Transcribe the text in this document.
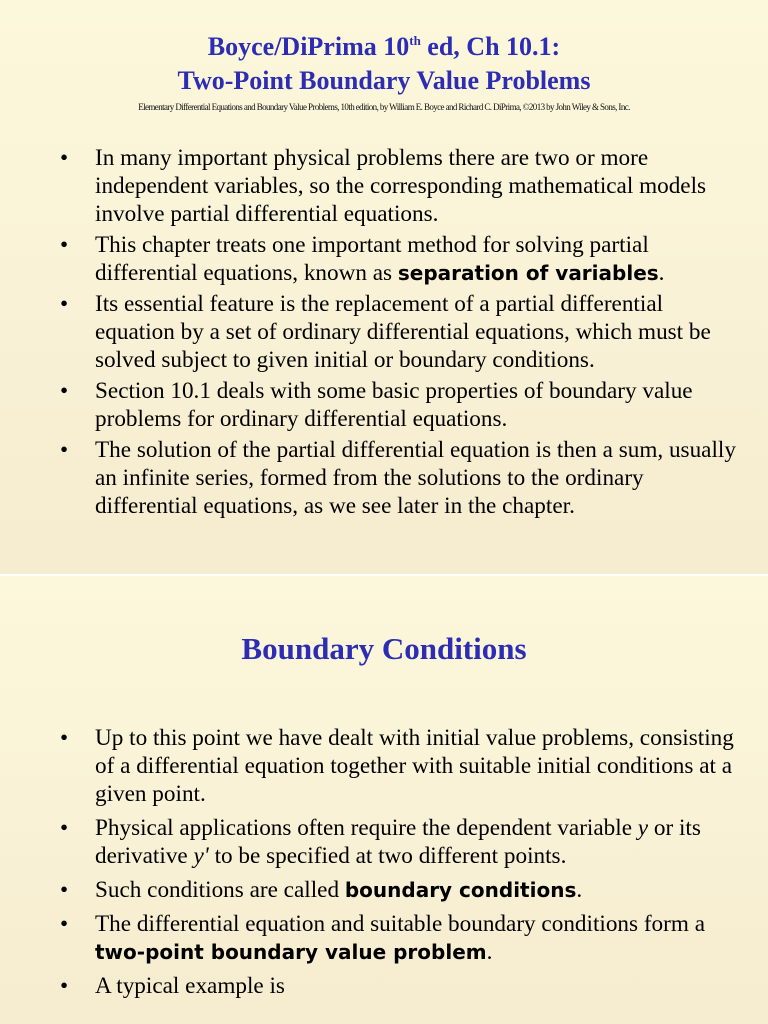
Boyce/DiPrima 10th ed, Ch 10.1:
Two-Point Boundary Value Problems
Elementary Differential Equations and Boundary Value Problems, 10th edition, by William E. Boyce and Richard C. DiPrima, ©2013 by John Wiley & Sons, Inc.
• In many important physical problems there are two or more independent variables, so the corresponding mathematical models involve partial differential equations.
• This chapter treats one important method for solving partial differential equations, known as separation of variables.
• Its essential feature is the replacement of a partial differential equation by a set of ordinary differential equations, which must be solved subject to given initial or boundary conditions.
• Section 10.1 deals with some basic properties of boundary value problems for ordinary differential equations.
• The solution of the partial differential equation is then a sum, usually an infinite series, formed from the solutions to the ordinary differential equations, as we see later in the chapter.
Boundary Conditions
• Up to this point we have dealt with initial value problems, consisting of a differential equation together with suitable initial conditions at a given point.
• Physical applications often require the dependent variable y or its derivative y' to be specified at two different points.
• Such conditions are called boundary conditions.
• The differential equation and suitable boundary conditions form a two-point boundary value problem.
• A typical example is
